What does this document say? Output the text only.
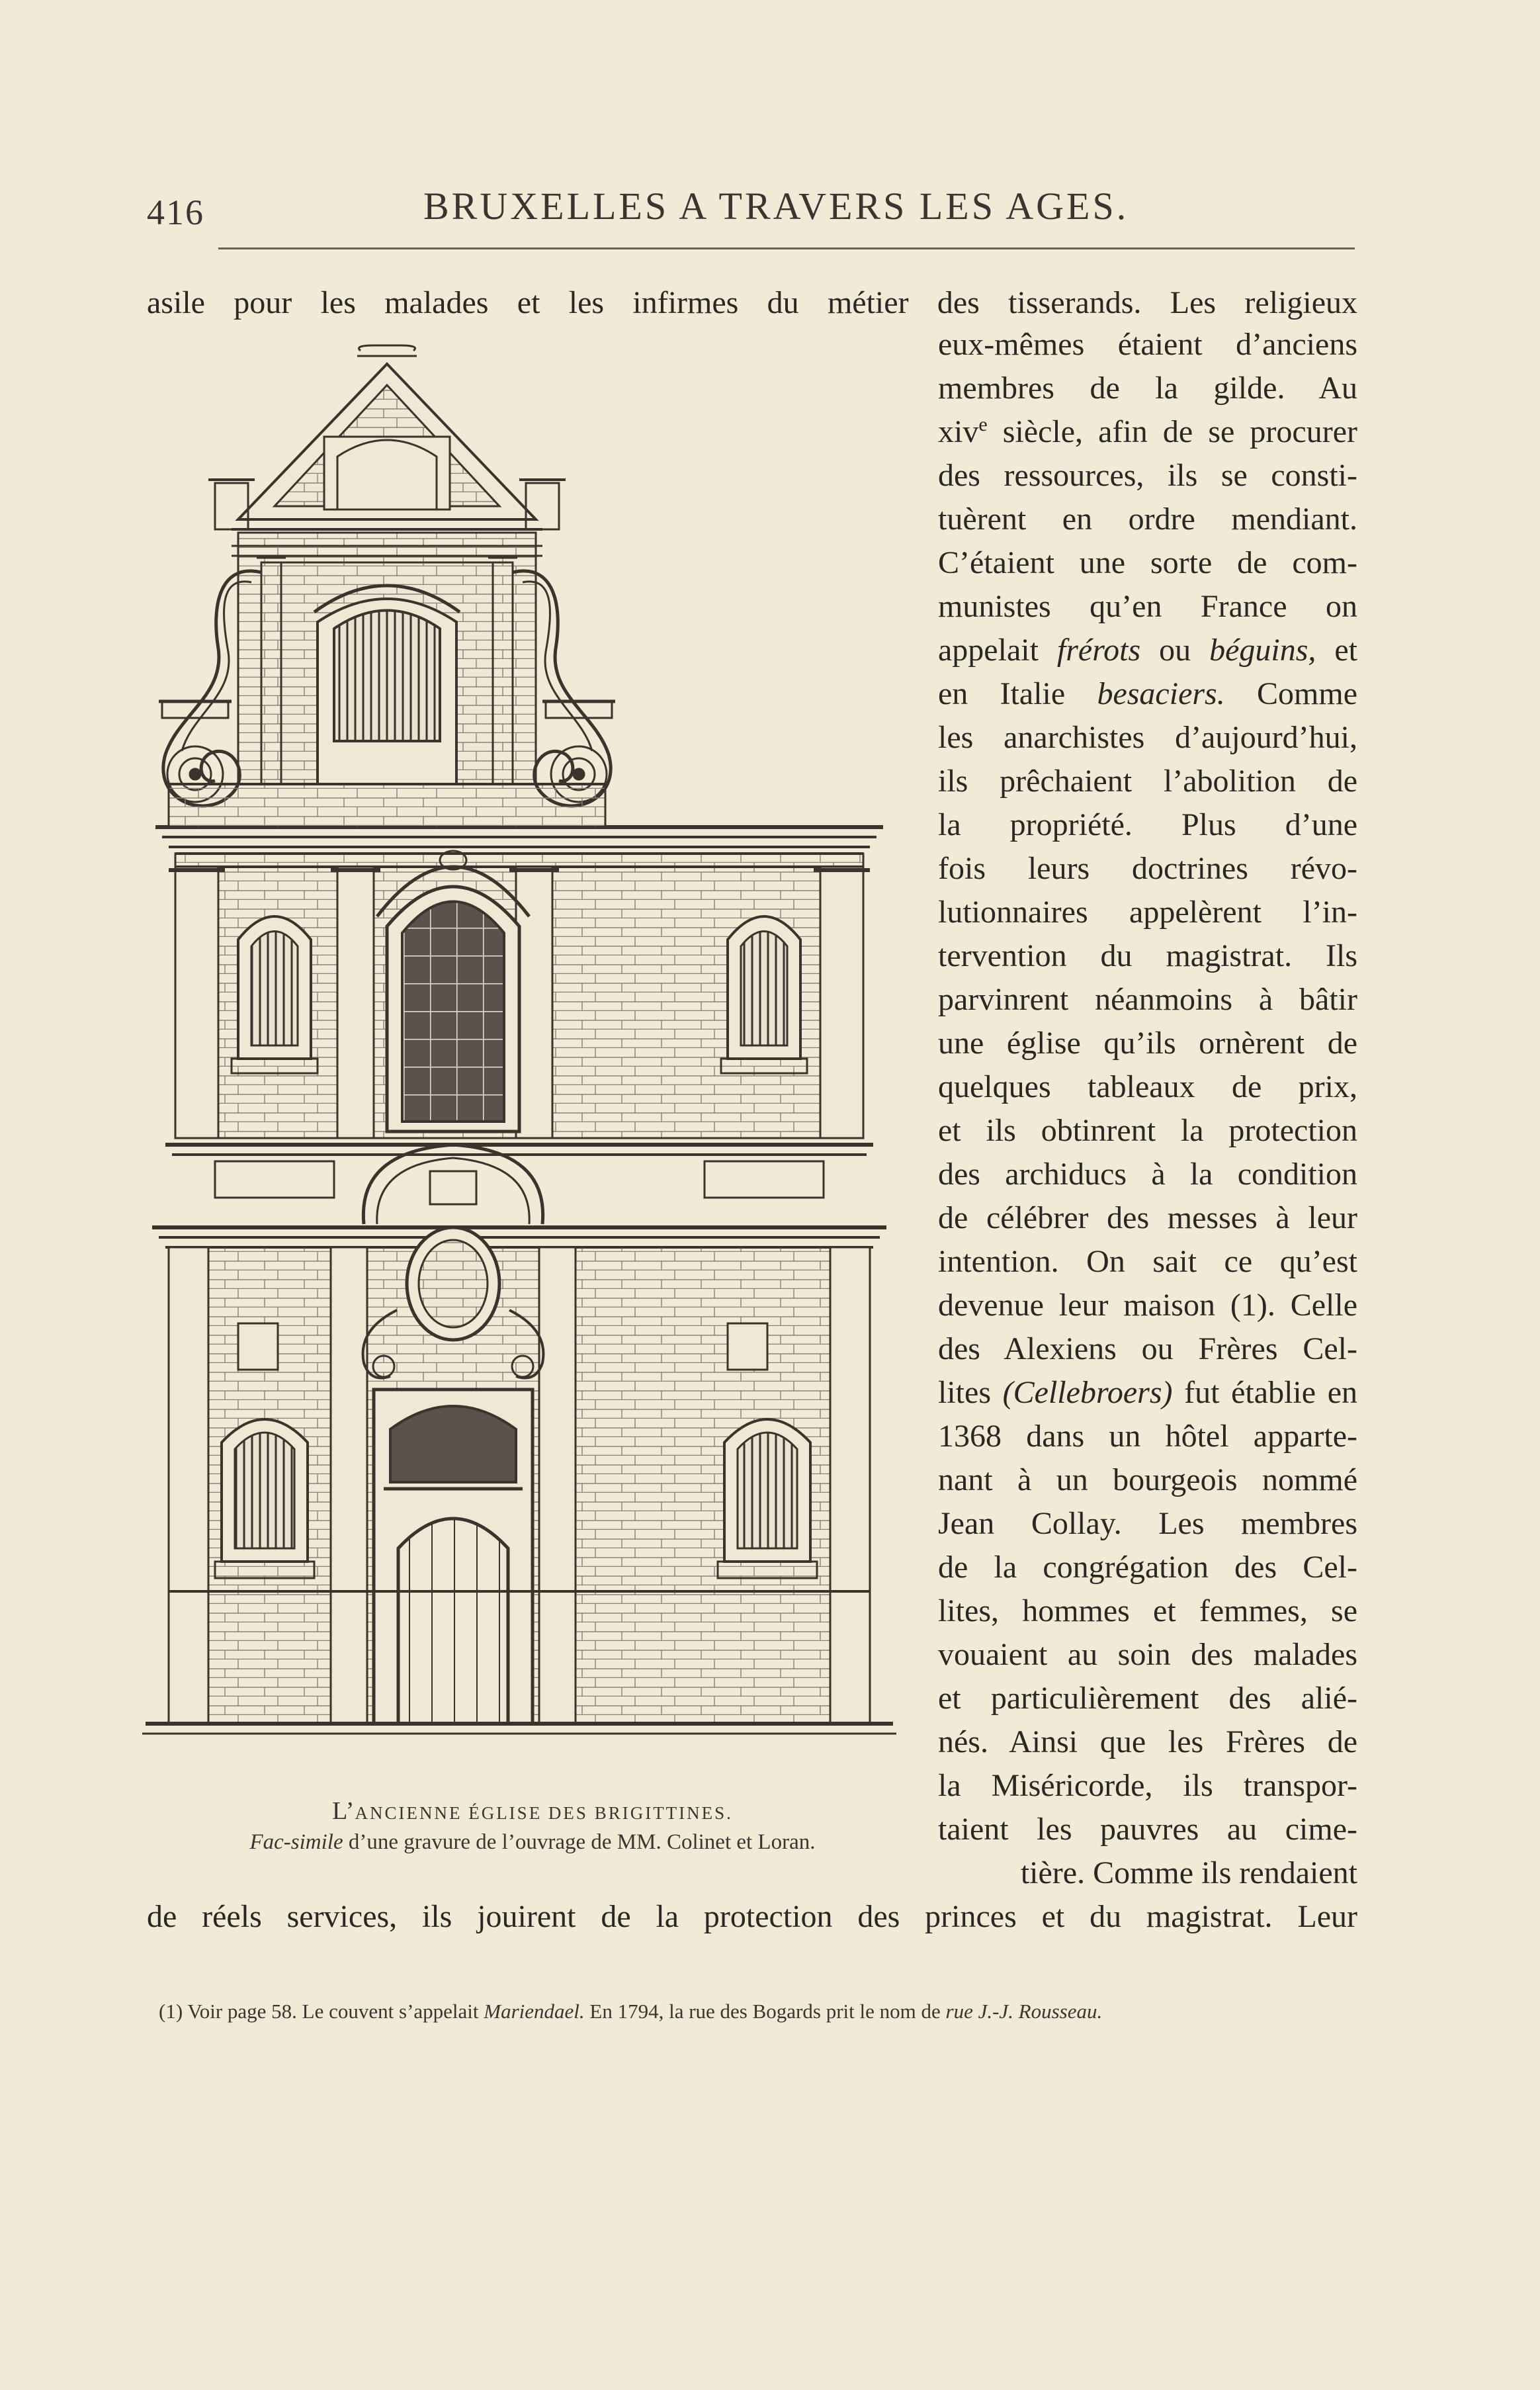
416	BRUXELLES A TRAVERS LES AGES.
asile pour les malades et les infirmes du métier des tisserands. Les religieux
eux-mêmes étaient d’anciens
membres de la gilde. Au
xiv$^e$ siècle, afin de se procurer
des ressources, ils se consti-
tuèrent en ordre mendiant.
C’étaient une sorte de com-
munistes qu’en France on
appelait frérots ou béguins, et
en Italie besaciers. Comme
les anarchistes d’aujourd’hui,
ils prêchaient l’abolition de
la propriété. Plus d’une
fois leurs doctrines révo-
lutionnaires appelèrent l’in-
tervention du magistrat. Ils
parvinrent néanmoins à bâtir
une église qu’ils ornèrent de
quelques tableaux de prix,
et ils obtinrent la protection
des archiducs à la condition
de célébrer des messes à leur
intention. On sait ce qu’est
devenue leur maison (1). Celle
des Alexiens ou Frères Cel-
lites (Cellebroers) fut établie en
1368 dans un hôtel apparte-
nant à un bourgeois nommé
Jean Collay. Les membres
de la congrégation des Cel-
lites, hommes et femmes, se
vouaient au soin des malades
et particulièrement des alié-
nés. Ainsi que les Frères de
la Miséricorde, ils transpor-
taient les pauvres au cime-
tière. Comme ils rendaient
de réels services, ils jouirent de la protection des princes et du magistrat. Leur
L’ANCIENNE ÉGLISE DES BRIGITTINES.
Fac-simile d’une gravure de l’ouvrage de MM. Colinet et Loran.
(1) Voir page 58. Le couvent s’appelait Mariendael. En 1794, la rue des Bogards prit le nom de rue J.-J. Rousseau.
